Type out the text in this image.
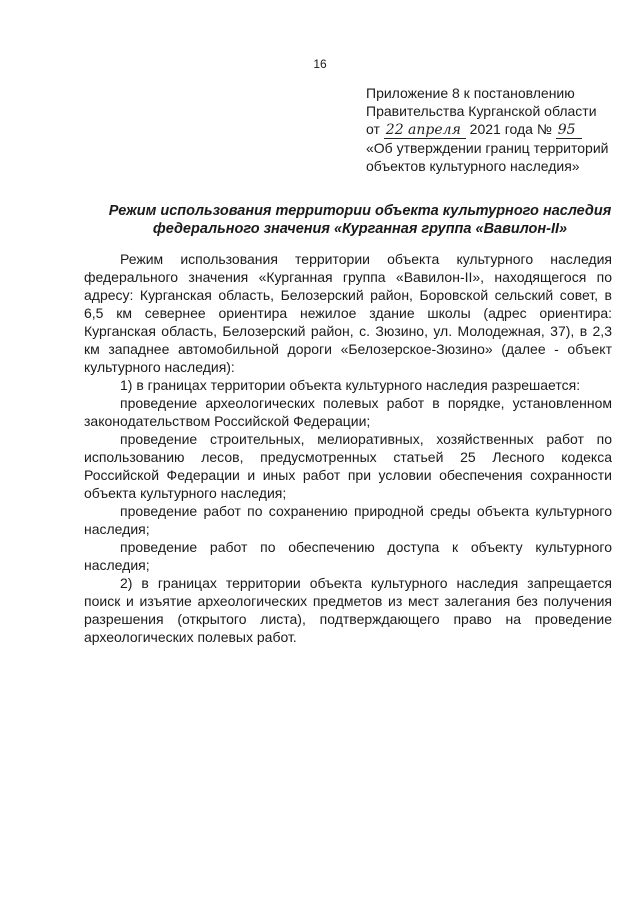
16
Приложение 8 к постановлению
Правительства Курганской области
от 22 апреля 2021 года № 95
«Об утверждении границ территорий
объектов культурного наследия»
Режим использования территории объекта культурного наследия
федерального значения «Курганная группа «Вавилон-II»

Режим использования территории объекта культурного наследия федерального значения «Курганная группа «Вавилон-II», находящегося по адресу: Курганская область, Белозерский район, Боровской сельский совет, в 6,5 км севернее ориентира нежилое здание школы (адрес ориентира: Курганская область, Белозерский район, с. Зюзино, ул. Молодежная, 37), в 2,3 км западнее автомобильной дороги «Белозерское-Зюзино» (далее - объект культурного наследия):

1) в границах территории объекта культурного наследия разрешается:

проведение археологических полевых работ в порядке, установленном законодательством Российской Федерации;

проведение строительных, мелиоративных, хозяйственных работ по использованию лесов, предусмотренных статьей 25 Лесного кодекса Российской Федерации и иных работ при условии обеспечения сохранности объекта культурного наследия;

проведение работ по сохранению природной среды объекта культурного наследия;

проведение работ по обеспечению доступа к объекту культурного наследия;

2) в границах территории объекта культурного наследия запрещается поиск и изъятие археологических предметов из мест залегания без получения разрешения (открытого листа), подтверждающего право на проведение археологических полевых работ.
